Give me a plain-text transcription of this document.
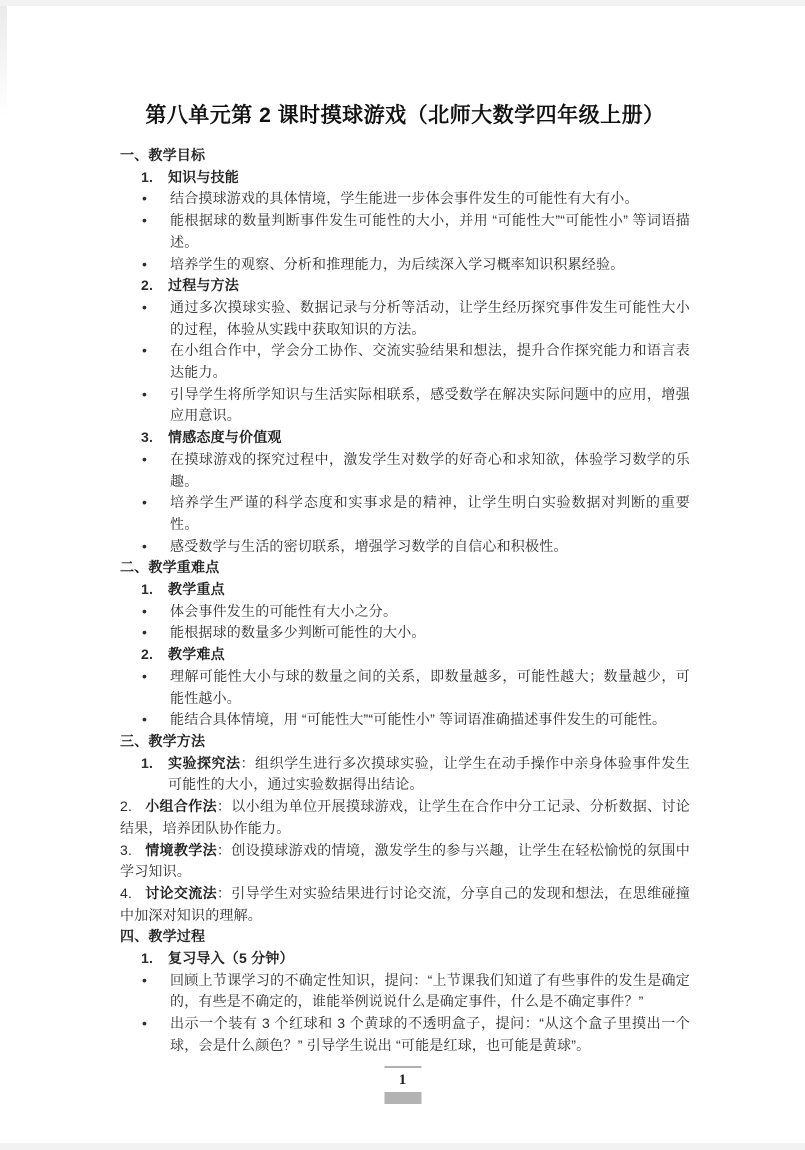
第八单元第 2 课时摸球游戏（北师大数学四年级上册）
一、教学目标
1.	知识与技能
•	结合摸球游戏的具体情境，学生能进一步体会事件发生的可能性有大有小。
•	能根据球的数量判断事件发生可能性的大小，并用 “可能性大”“可能性小” 等词语描述。
•	培养学生的观察、分析和推理能力，为后续深入学习概率知识积累经验。
2.	过程与方法
•	通过多次摸球实验、数据记录与分析等活动，让学生经历探究事件发生可能性大小的过程，体验从实践中获取知识的方法。
•	在小组合作中，学会分工协作、交流实验结果和想法，提升合作探究能力和语言表达能力。
•	引导学生将所学知识与生活实际相联系，感受数学在解决实际问题中的应用，增强应用意识。
3.	情感态度与价值观
•	在摸球游戏的探究过程中，激发学生对数学的好奇心和求知欲，体验学习数学的乐趣。
•	培养学生严谨的科学态度和实事求是的精神，让学生明白实验数据对判断的重要性。
•	感受数学与生活的密切联系，增强学习数学的自信心和积极性。
二、教学重难点
1.	教学重点
•	体会事件发生的可能性有大小之分。
•	能根据球的数量多少判断可能性的大小。
2.	教学难点
•	理解可能性大小与球的数量之间的关系，即数量越多，可能性越大；数量越少，可能性越小。
•	能结合具体情境，用 “可能性大”“可能性小” 等词语准确描述事件发生的可能性。
三、教学方法
1.	实验探究法：组织学生进行多次摸球实验，让学生在动手操作中亲身体验事件发生可能性的大小，通过实验数据得出结论。

2. 小组合作法：以小组为单位开展摸球游戏，让学生在合作中分工记录、分析数据、讨论结果，培养团队协作能力。

3. 情境教学法：创设摸球游戏的情境，激发学生的参与兴趣，让学生在轻松愉悦的氛围中学习知识。

4. 讨论交流法：引导学生对实验结果进行讨论交流，分享自己的发现和想法，在思维碰撞中加深对知识的理解。

四、教学过程
1.	复习导入（5 分钟）
•	回顾上节课学习的不确定性知识，提问：“上节课我们知道了有些事件的发生是确定的，有些是不确定的，谁能举例说说什么是确定事件，什么是不确定事件？”
•	出示一个装有 3 个红球和 3 个黄球的不透明盒子，提问：“从这个盒子里摸出一个球，会是什么颜色？” 引导学生说出 “可能是红球，也可能是黄球”。
1
